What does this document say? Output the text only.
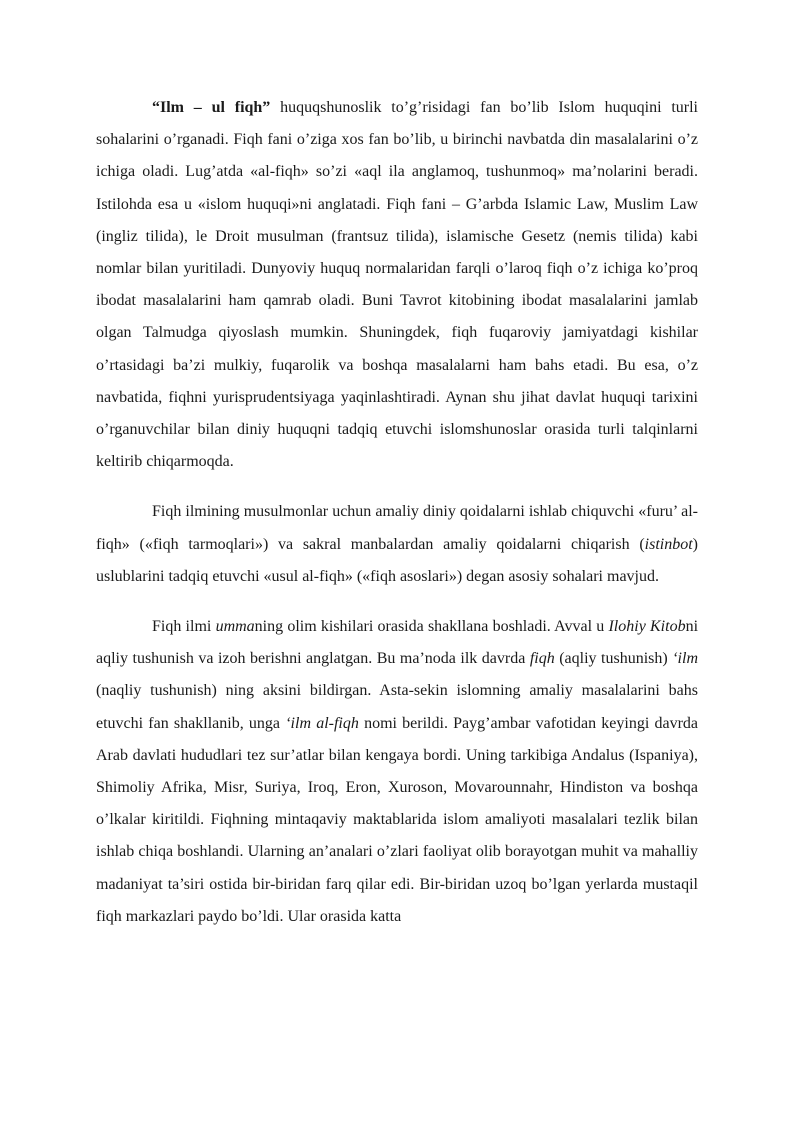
“Ilm – ul fiqh” huquqshunoslik to’g’risidagi fan bo’lib Islom huquqini turli sohalarini o’rganadi. Fiqh fani o’ziga xos fan bo’lib, u birinchi navbatda din masalalarini o’z ichiga oladi. Lug’atda «al-fiqh» so’zi «aql ila anglamoq, tushunmoq» ma’nolarini beradi. Istilohda esa u «islom huquqi»ni anglatadi. Fiqh fani – G’arbda Islamic Law, Muslim Law (ingliz tilida), le Droit musulman (frantsuz tilida), islamische Gesetz (nemis tilida) kabi nomlar bilan yuritiladi. Dunyoviy huquq normalaridan farqli o’laroq fiqh o’z ichiga ko’proq ibodat masalalarini ham qamrab oladi. Buni Tavrot kitobining ibodat masalalarini jamlab olgan Talmudga qiyoslash mumkin. Shuningdek, fiqh fuqaroviy jamiyatdagi kishilar o’rtasidagi ba’zi mulkiy, fuqarolik va boshqa masalalarni ham bahs etadi. Bu esa, o’z navbatida, fiqhni yurisprudentsiyaga yaqinlashtiradi. Aynan shu jihat davlat huquqi tarixini o’rganuvchilar bilan diniy huquqni tadqiq etuvchi islomshunoslar orasida turli talqinlarni keltirib chiqarmoqda.

Fiqh ilmining musulmonlar uchun amaliy diniy qoidalarni ishlab chiquvchi «furu’ al-fiqh» («fiqh tarmoqlari») va sakral manbalardan amaliy qoidalarni chiqarish (istinbot) uslublarini tadqiq etuvchi «usul al-fiqh» («fiqh asoslari») degan asosiy sohalari mavjud.

Fiqh ilmi ummaning olim kishilari orasida shakllana boshladi. Avval u Ilohiy Kitobni aqliy tushunish va izoh berishni anglatgan. Bu ma’noda ilk davrda fiqh (aqliy tushunish) ‘ilm (naqliy tushunish) ning aksini bildirgan. Asta-sekin islomning amaliy masalalarini bahs etuvchi fan shakllanib, unga ‘ilm al-fiqh nomi berildi. Payg’ambar vafotidan keyingi davrda Arab davlati hududlari tez sur’atlar bilan kengaya bordi. Uning tarkibiga Andalus (Ispaniya), Shimoliy Afrika, Misr, Suriya, Iroq, Eron, Xuroson, Movarounnahr, Hindiston va boshqa o’lkalar kiritildi. Fiqhning mintaqaviy maktablarida islom amaliyoti masalalari tezlik bilan ishlab chiqa boshlandi. Ularning an’analari o’zlari faoliyat olib borayotgan muhit va mahalliy madaniyat ta’siri ostida bir-biridan farq qilar edi. Bir-biridan uzoq bo’lgan yerlarda mustaqil fiqh markazlari paydo bo’ldi. Ular orasida katta
